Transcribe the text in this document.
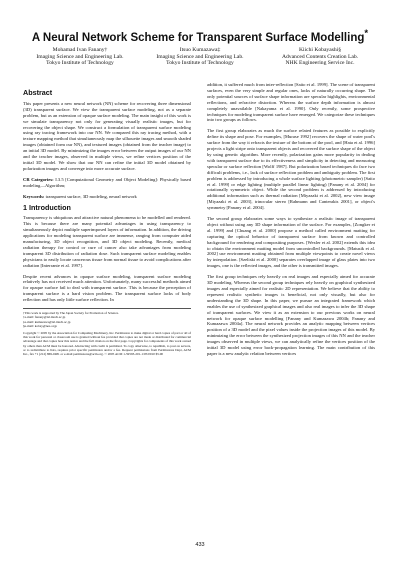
A Neural Network Scheme for Transparent Surface Modelling*
Mohamad Ivan Fanany†
Imaging Science and Engineering Lab.
Tokyo Institute of Technology
Itsuo Kumazawa‡
Imaging Science and Engineering Lab.
Tokyo Institute of Technology
Kiichi Kobayashi§
Advanced Contents Creation Lab.
NHK Engineering Service Inc.
Abstract

This paper presents a new neural network (NN) scheme for recovering three dimensional (3D) transparent surface. We view the transparent surface modeling, not as a separate problem, but as an extension of opaque surface modeling. The main insight of this work is we simulate transparency not only for generating visually realistic images, but for recovering the object shape. We construct a formulation of transparent surface modeling using ray tracing framework into our NN. We compared this ray tracing method, with a texture mapping method that simultaneously map the silhouette images and smooth shaded images (obtained form our NN), and textured images (obtained from the teacher image) to an initial 3D model. By minimizing the images error between the output images of our NN and the teacher images, observed in multiple views, we refine vertices position of the initial 3D model. We show that our NN can refine the initial 3D model obtained by polarization images and converge into more accurate surface.

CR Categories: I.3.5 [Computational Geometry and Object Modeling]: Physically based modeling—Algorithm;

Keywords: transparent surface, 3D modeling, neural network

1 Introduction

Transparency is ubiquitous and attractive natural phenomena to be modelled and rendered. This is because there are many potential advantages in using transparency to simultaneously depict multiple superimposed layers of information. In addition, the driving applications for modeling transparent surface are immense, ranging from computer aided manufacturing, 3D object recognition, and 3D object modeling. Recently, medical radiation therapy for control or cure of cancer also take advantages from modeling transparent 3D distribution of radiation dose. Such transparent surface modeling enables physicians to easily locate cancerous tissue from normal tissue to avoid complications after radiation [Interrante et al. 1997].

Despite recent advances in opaque surface modeling, transparent surface modeling relatively has not received much attention. Unfortunately, many successful methods aimed for opaque surface fail to deal with transparent surface. This is because the perception of transparent surface is a hard vision problem. The transparent surface lacks of body reflection and has only little surface reflection. In

†This work is supported by The Japan Society for Promotion of Science.
†e-mail: fanany@isl.titech.ac.jp
‡e-mail: kumazawa@isl.titech.ac.jp
§e-mail: kobay@nes.or.jp
Copyright © 2005 by the Association for Computing Machinery, Inc. Permission to make digital or hard copies of part or all of this work for personal or classroom use is granted without fee provided that copies are not made or distributed for commercial advantage and that copies bear this notice and the full citation on the first page. Copyrights for components of this work owned by others than ACM must be honored. Abstracting with credit is permitted. To copy otherwise, to republish, to post on servers, or to redistribute to lists, requires prior specific permission and/or a fee. Request permissions from Permissions Dept, ACM Inc., fax +1 (212) 869-0481 or e-mail permissions@acm.org. © 2005 ACM 1-59593-201-1/05/0010 $5.00

addition, it suffered much from inter-reflection [Saito et al. 1999]. The scene of transparent surfaces, even the very simple and regular ones, lacks of naturally occurring shape. The only potential sources of surface shape information are specular highlights, environmental reflections, and refractive distortion. Whereas the surface depth information is almost completely unavailable [Nakayama et al. 1990]. Only recently, some prospective techniques for modeling transparent surface have emerged. We categorize these techniques into two groups as follows.

The first group elaborates as much the surface related features as possible to explicitly define its shape and pose. For examples, [Murase 1992] recovers the shape of water pool's surface from the way it refracts the texture of the bottom of the pool, and [Hata et al. 1996] projects a light stripe onto transparent objects and recovered the surface shape of the object by using genetic algorithm. More recently, polarization gains more popularity in dealing with transparent surface due to its effectiveness and simplicity in detecting and measuring specular or surface reflection [Wolff 1987]. But polarization based techniques do face two difficult problems, i.e., lack of surface reflection problem and ambiguity problem. The first problem is addressed by introducing a whole surface lighting (photometric sampler) [Saito et al. 1999] or edge lighting (multiple parallel linear lighting) [Panany et al. 2004] for rotationally symmetric object. While the second problem is addressed by introducing additional information such as thermal radiation [Miyazaki et al. 2002], new view image [Miyazaki et al. 2003], trinocular stereo [Rahmann and Canterakis 2001], or object's symmetry [Panany et al. 2004].

The second group elaborates some ways to synthesize a realistic image of transparent object without using any 3D shape information of the surface. For examples, [Zongker et al. 1999] and [Chuang et al. 2000] propose a method called environment matting for capturing the optical behavior of transparent surface from known and controlled background for rendering and compositing purposes. [Wexler et al. 2002] extends this idea to obtain the environment matting model from uncontrolled backgrounds. [Matusik et al. 2002] use environment matting obtained from multiple viewpoints to create novel views by interpolation. [Szeliski et al. 2000] separates overlapped image of glass plates into two images, one is the reflected images, and the other is transmitted images.

The first group techniques rely heavily on real images and especially aimed for accurate 3D modeling. Whereas the second group techniques rely heavily on graphical synthesized images and especially aimed for realistic 2D representation. We believe that the ability to represent realistic synthetic images is beneficial, not only visually, but also for understanding the 3D shape. In this paper, we pursue an integrated framework which enables the use of synthesized graphical images and also real images to infer the 3D shape of transparent surfaces. We view it as an extension to our previous works on neural network for opaque surface modelling [Fanany and Kumazawa 2004b; Fanany and Kumazawa 2004a]. The neural network provides an analytic mapping between vertices position of a 3D model and the pixel values inside the projection images of this model. By minimizing the error between the synthesized projection images of this NN and the teacher images observed in multiple views, we can analytically refine the vertices position of the initial 3D model using error back-propagation learning. The main contribution of this paper is a new analytic relation between vertices

433
